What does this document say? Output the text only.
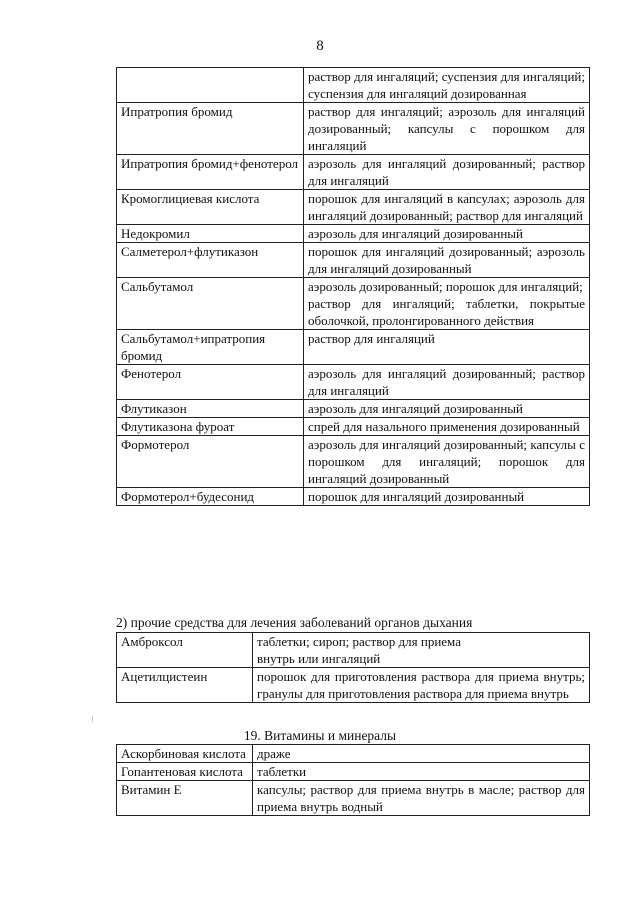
8

	раствор для ингаляций; суспензия для ингаляций; суспензия для ингаляций дозированная

Ипратропия бромид	раствор для ингаляций; аэрозоль для ингаляций дозированный; капсулы с порошком для ингаляций

Ипратропия бромид+фенотерол	аэрозоль для ингаляций дозированный; раствор для ингаляций

Кромоглициевая кислота	порошок для ингаляций в капсулах; аэрозоль для ингаляций дозированный; раствор для ингаляций

Недокромил	аэрозоль для ингаляций дозированный

Салметерол+флутиказон	порошок для ингаляций дозированный; аэрозоль для ингаляций дозированный

Сальбутамол	аэрозоль дозированный; порошок для ингаляций;
раствор для ингаляций; таблетки, покрытые оболочкой, пролонгированного действия

Сальбутамол+ипратропия бромид	раствор для ингаляций

Фенотерол	аэрозоль для ингаляций дозированный; раствор для ингаляций

Флутиказон	аэрозоль для ингаляций дозированный

Флутиказона фуроат	спрей для назального применения дозированный

Формотерол	аэрозоль для ингаляций дозированный; капсулы с порошком для ингаляций; порошок для ингаляций дозированный

Формотерол+будесонид	порошок для ингаляций дозированный
2) прочие средства для лечения заболеваний органов дыхания
Амброксол	таблетки; сироп; раствор для приема
внутрь или ингаляций

Ацетилцистеин	порошок для приготовления раствора для приема внутрь; гранулы для приготовления раствора для приема внутрь
19. Витамины и минералы
Аскорбиновая кислота	драже

Гопантеновая кислота	таблетки

Витамин Е	капсулы; раствор для приема внутрь в масле; раствор для приема внутрь водный
